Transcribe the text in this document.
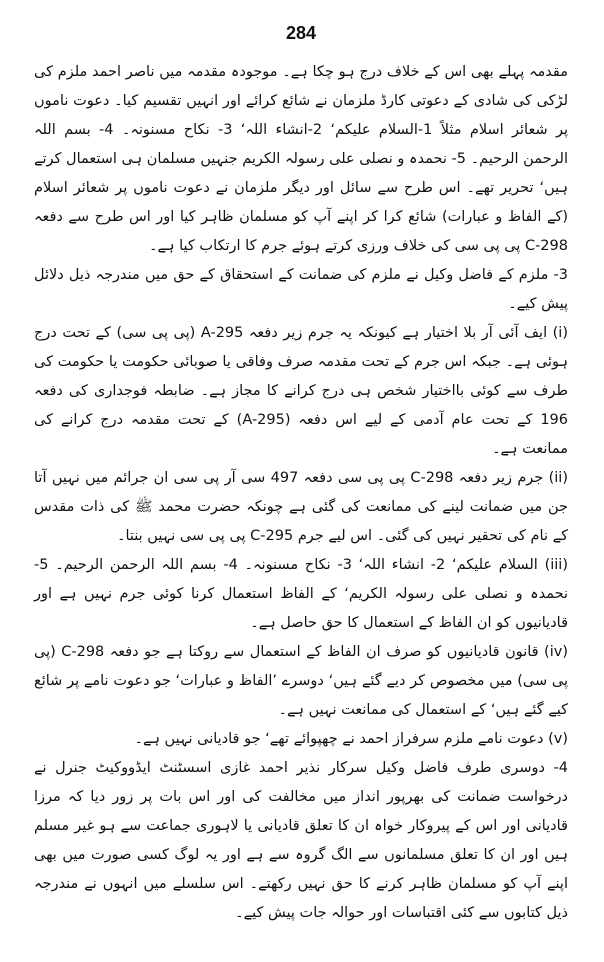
284

مقدمہ پہلے بھی اس کے خلاف درج ہو چکا ہے۔ موجودہ مقدمہ میں ناصر احمد ملزم کی لڑکی کی شادی کے دعوتی کارڈ ملزمان نے شائع کرائے اور انہیں تقسیم کیا۔ دعوت ناموں پر شعائر اسلام مثلاً 1-السلام علیکم‘ 2-انشاء اللہ‘ 3- نکاح مسنونہ۔ 4- بسم اللہ الرحمن الرحیم۔ 5- نحمدہ و نصلی علی رسولہ الکریم جنہیں مسلمان ہی استعمال کرتے ہیں‘ تحریر تھے۔ اس طرح سے سائل اور دیگر ملزمان نے دعوت ناموں پر شعائر اسلام (کے الفاظ و عبارات) شائع کرا کر اپنے آپ کو مسلمان ظاہر کیا اور اس طرح سے دفعہ C-298 پی پی سی کی خلاف ورزی کرتے ہوئے جرم کا ارتکاب کیا ہے۔

3- ملزم کے فاضل وکیل نے ملزم کی ضمانت کے استحقاق کے حق میں مندرجہ ذیل دلائل پیش کیے۔

(i) ایف آئی آر بلا اختیار ہے کیونکہ یہ جرم زیر دفعہ A-295 (پی پی سی) کے تحت درج ہوئی ہے۔ جبکہ اس جرم کے تحت مقدمہ صرف وفاقی یا صوبائی حکومت یا حکومت کی طرف سے کوئی بااختیار شخص ہی درج کرانے کا مجاز ہے۔ ضابطہ فوجداری کی دفعہ 196 کے تحت عام آدمی کے لیے اس دفعہ (A-295) کے تحت مقدمہ درج کرانے کی ممانعت ہے۔

(ii) جرم زیر دفعہ C-298 پی پی سی دفعہ 497 سی آر پی سی ان جرائم میں نہیں آتا جن میں ضمانت لینے کی ممانعت کی گئی ہے چونکہ حضرت محمد ﷺ کی ذات مقدس کے نام کی تحقیر نہیں کی گئی۔ اس لیے جرم C-295 پی پی سی نہیں بنتا۔

(iii) السلام علیکم‘ 2- انشاء اللہ‘ 3- نکاح مسنونہ۔ 4- بسم اللہ الرحمن الرحیم۔ 5- نحمدہ و نصلی علی رسولہ الکریم‘ کے الفاظ استعمال کرنا کوئی جرم نہیں ہے اور قادیانیوں کو ان الفاظ کے استعمال کا حق حاصل ہے۔

(iv) قانون قادیانیوں کو صرف ان الفاظ کے استعمال سے روکتا ہے جو دفعہ C-298 (پی پی سی) میں مخصوص کر دیے گئے ہیں‘ دوسرے ’الفاظ و عبارات‘ جو دعوت نامے پر شائع کیے گئے ہیں‘ کے استعمال کی ممانعت نہیں ہے۔

(v) دعوت نامے ملزم سرفراز احمد نے چھپوائے تھے‘ جو قادیانی نہیں ہے۔

4- دوسری طرف فاضل وکیل سرکار نذیر احمد غازی اسسٹنٹ ایڈووکیٹ جنرل نے درخواست ضمانت کی بھرپور انداز میں مخالفت کی اور اس بات پر زور دیا کہ مرزا قادیانی اور اس کے پیروکار خواہ ان کا تعلق قادیانی یا لاہوری جماعت سے ہو غیر مسلم ہیں اور ان کا تعلق مسلمانوں سے الگ گروہ سے ہے اور یہ لوگ کسی صورت میں بھی اپنے آپ کو مسلمان ظاہر کرنے کا حق نہیں رکھتے۔ اس سلسلے میں انہوں نے مندرجہ ذیل کتابوں سے کئی اقتباسات اور حوالہ جات پیش کیے۔
